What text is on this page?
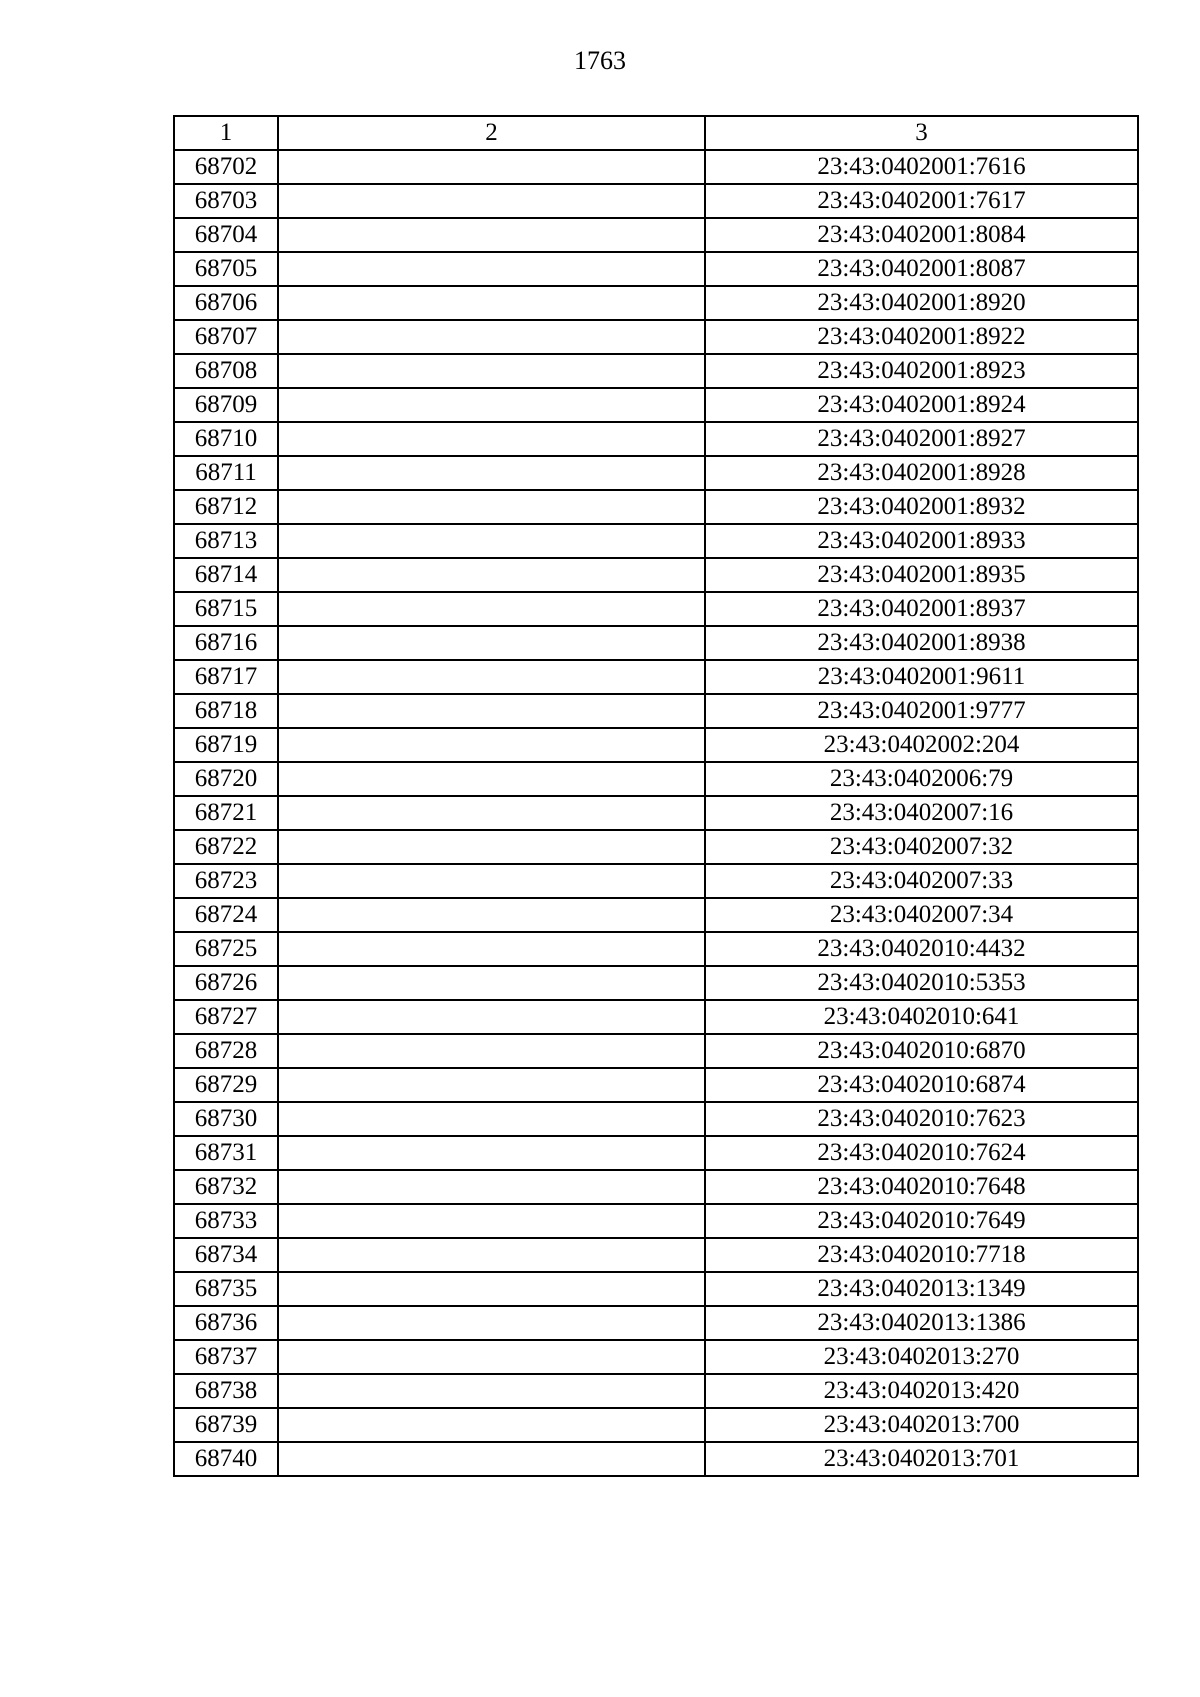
1763
1	2	3
68702		23:43:0402001:7616
68703		23:43:0402001:7617
68704		23:43:0402001:8084
68705		23:43:0402001:8087
68706		23:43:0402001:8920
68707		23:43:0402001:8922
68708		23:43:0402001:8923
68709		23:43:0402001:8924
68710		23:43:0402001:8927
68711		23:43:0402001:8928
68712		23:43:0402001:8932
68713		23:43:0402001:8933
68714		23:43:0402001:8935
68715		23:43:0402001:8937
68716		23:43:0402001:8938
68717		23:43:0402001:9611
68718		23:43:0402001:9777
68719		23:43:0402002:204
68720		23:43:0402006:79
68721		23:43:0402007:16
68722		23:43:0402007:32
68723		23:43:0402007:33
68724		23:43:0402007:34
68725		23:43:0402010:4432
68726		23:43:0402010:5353
68727		23:43:0402010:641
68728		23:43:0402010:6870
68729		23:43:0402010:6874
68730		23:43:0402010:7623
68731		23:43:0402010:7624
68732		23:43:0402010:7648
68733		23:43:0402010:7649
68734		23:43:0402010:7718
68735		23:43:0402013:1349
68736		23:43:0402013:1386
68737		23:43:0402013:270
68738		23:43:0402013:420
68739		23:43:0402013:700
68740		23:43:0402013:701
